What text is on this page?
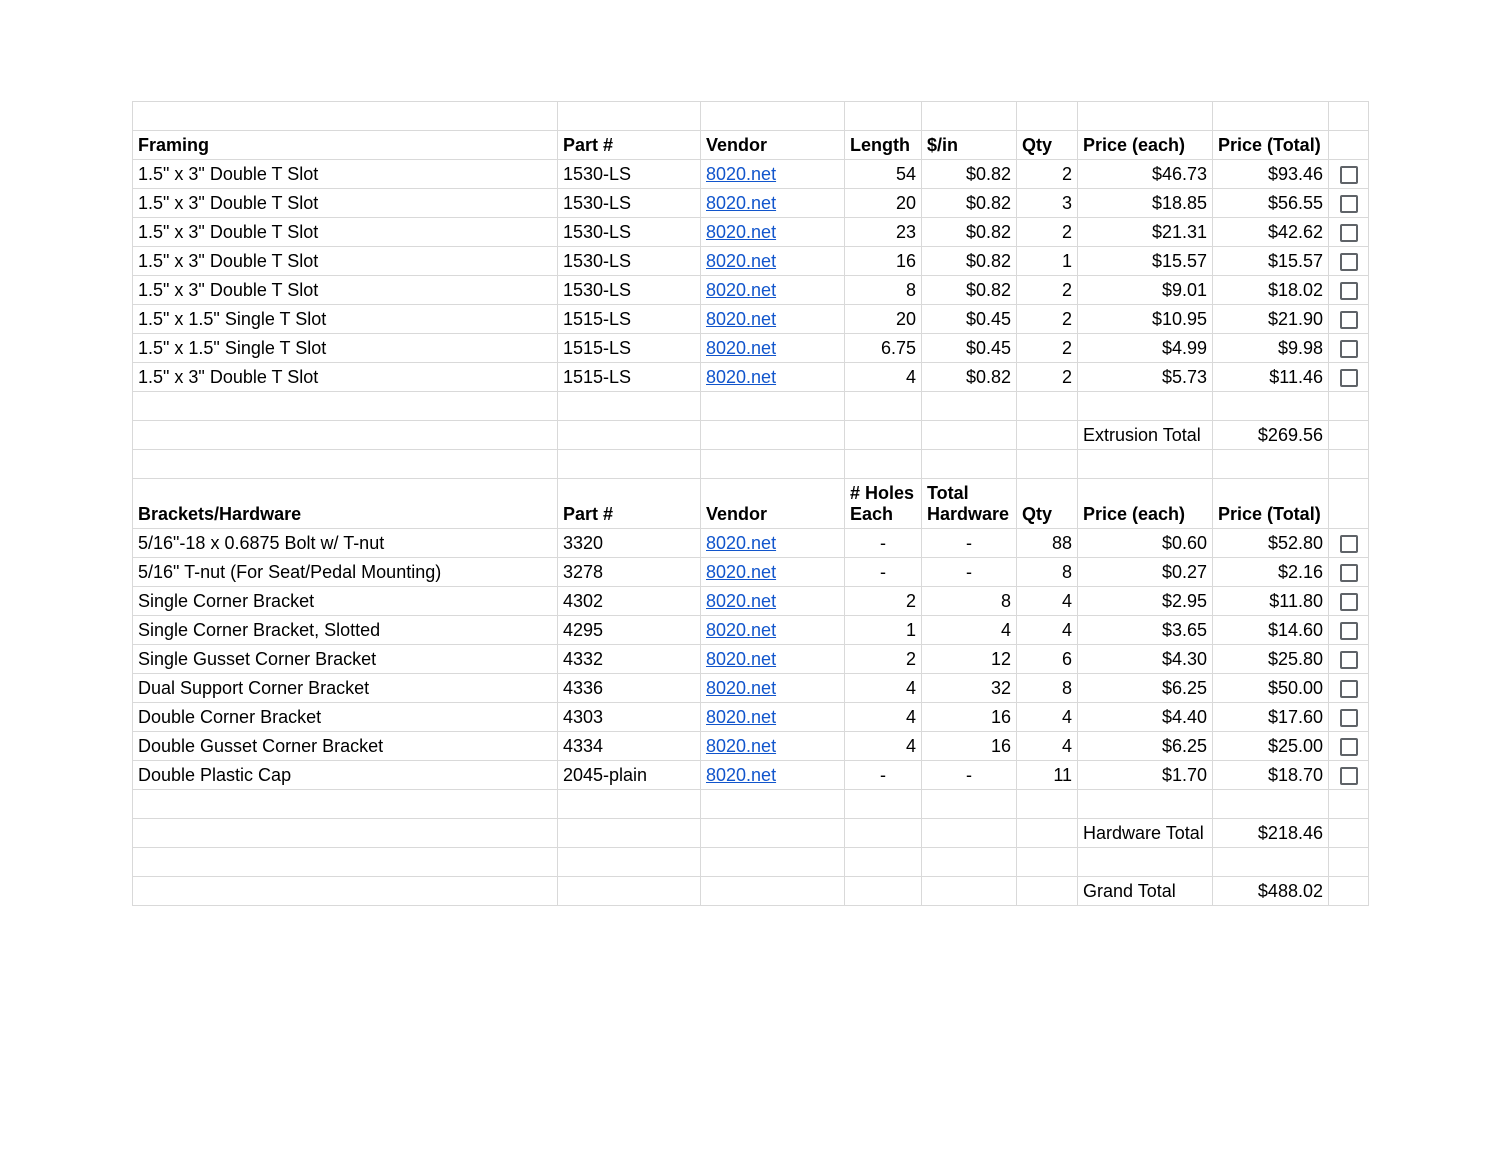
Framing	Part #	Vendor	Length	$/in	Qty	Price (each)	Price (Total)	
1.5" x 3" Double T Slot	1530-LS	8020.net	54	$0.82	2	$46.73	$93.46	
1.5" x 3" Double T Slot	1530-LS	8020.net	20	$0.82	3	$18.85	$56.55	
1.5" x 3" Double T Slot	1530-LS	8020.net	23	$0.82	2	$21.31	$42.62	
1.5" x 3" Double T Slot	1530-LS	8020.net	16	$0.82	1	$15.57	$15.57	
1.5" x 3" Double T Slot	1530-LS	8020.net	8	$0.82	2	$9.01	$18.02	
1.5" x 1.5" Single T Slot	1515-LS	8020.net	20	$0.45	2	$10.95	$21.90	
1.5" x 1.5" Single T Slot	1515-LS	8020.net	6.75	$0.45	2	$4.99	$9.98	
1.5" x 3" Double T Slot	1515-LS	8020.net	4	$0.82	2	$5.73	$11.46	

						Extrusion Total	$269.56	

Brackets/Hardware	Part #	Vendor	# Holes Each	Total Hardware	Qty	Price (each)	Price (Total)	
5/16"-18 x 0.6875 Bolt w/ T-nut	3320	8020.net	-	-	88	$0.60	$52.80	
5/16" T-nut (For Seat/Pedal Mounting)	3278	8020.net	-	-	8	$0.27	$2.16	
Single Corner Bracket	4302	8020.net	2	8	4	$2.95	$11.80	
Single Corner Bracket, Slotted	4295	8020.net	1	4	4	$3.65	$14.60	
Single Gusset Corner Bracket	4332	8020.net	2	12	6	$4.30	$25.80	
Dual Support Corner Bracket	4336	8020.net	4	32	8	$6.25	$50.00	
Double Corner Bracket	4303	8020.net	4	16	4	$4.40	$17.60	
Double Gusset Corner Bracket	4334	8020.net	4	16	4	$6.25	$25.00	
Double Plastic Cap	2045-plain	8020.net	-	-	11	$1.70	$18.70	

						Hardware Total	$218.46	

						Grand Total	$488.02	
